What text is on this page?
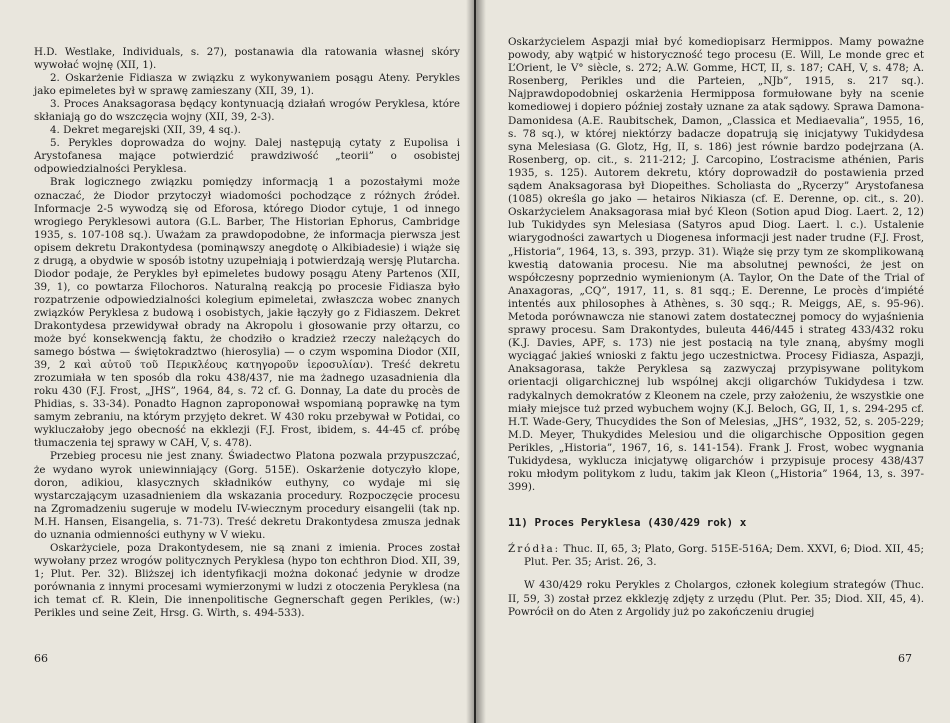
H.D. Westlake, Individuals, s. 27), postanawia dla ratowania własnej skóry wywołać wojnę (XII, 1).

2. Oskarżenie Fidiasza w związku z wykonywaniem posągu Ateny. Perykles jako epimeletes był w sprawę zamieszany (XII, 39, 1).

3. Proces Anaksagorasa będący kontynuacją działań wrogów Peryklesa, które skłaniają go do wszczęcia wojny (XII, 39, 2-3).

4. Dekret megarejski (XII, 39, 4 sq.).

5. Perykles doprowadza do wojny. Dalej następują cytaty z Eupolisa i Arystofanesa mające potwierdzić prawdziwość „teorii” o osobistej odpowiedzialności Peryklesa.

Brak logicznego związku pomiędzy informacją 1 a pozostałymi może oznaczać, że Diodor przytoczył wiadomości pochodzące z różnych źródeł. Informacje 2-5 wywodzą się od Eforosa, którego Diodor cytuje, 1 od innego wrogiego Peryklesowi autora (G.L. Barber, The Historian Ephorus, Cambridge 1935, s. 107-108 sq.). Uważam za prawdopodobne, że informacja pierwsza jest opisem dekretu Drakontydesa (pominąwszy anegdotę o Alkibiadesie) i wiąże się z drugą, a obydwie w sposób istotny uzupełniają i potwierdzają wersję Plutarcha. Diodor podaje, że Perykles był epimeletes budowy posągu Ateny Partenos (XII, 39, 1), co powtarza Filochoros. Naturalną reakcją po procesie Fidiasza było rozpatrzenie odpowiedzialności kolegium epimeletai, zwłaszcza wobec znanych związków Peryklesa z budową i osobistych, jakie łączyły go z Fidiaszem. Dekret Drakontydesa przewidywał obrady na Akropolu i głosowanie przy ołtarzu, co może być konsekwencją faktu, że chodziło o kradzież rzeczy należących do samego bóstwa — świętokradztwo (hierosylia) — o czym wspomina Diodor (XII, 39, 2 καὶ αὐτοῦ τοῦ Περικλέους κατηγοροῦν ἱεροσυλίαν). Treść dekretu zrozumiała w ten sposób dla roku 438/437, nie ma żadnego uzasadnienia dla roku 430 (F.J. Frost, „JHS”, 1964, 84, s. 72 cf. G. Donnay, La date du procès de Phidias, s. 33-34). Ponadto Hagnon zaproponował wspomianą poprawkę na tym samym zebraniu, na którym przyjęto dekret. W 430 roku przebywał w Potidai, co wykluczałoby jego obecność na ekklezji (F.J. Frost, ibidem, s. 44-45 cf. próbę tłumaczenia tej sprawy w CAH, V, s. 478).

Przebieg procesu nie jest znany. Świadectwo Platona pozwala przypuszczać, że wydano wyrok uniewinniający (Gorg. 515E). Oskarżenie dotyczyło klope, doron, adikiou, klasycznych składników euthyny, co wydaje mi się wystarczającym uzasadnieniem dla wskazania procedury. Rozpoczęcie procesu na Zgromadzeniu sugeruje w modelu IV-wiecznym procedury eisangelii (tak np. M.H. Hansen, Eisangelia, s. 71-73). Treść dekretu Drakontydesa zmusza jednak do uznania odmienności euthyny w V wieku.

Oskarżyciele, poza Drakontydesem, nie są znani z imienia. Proces został wywołany przez wrogów politycznych Peryklesa (hypo ton echthron Diod. XII, 39, 1; Plut. Per. 32). Bliższej ich identyfikacji można dokonać jedynie w drodze porównania z innymi procesami wymierzonymi w ludzi z otoczenia Peryklesa (na ich temat cf. R. Klein, Die innenpolitische Gegnerschaft gegen Perikles, (w:) Perikles und seine Zeit, Hrsg. G. Wirth, s. 494-533).

66

Oskarżycielem Aspazji miał być komediopisarz Hermippos. Mamy poważne powody, aby wątpić w historyczność tego procesu (E. Will, Le monde grec et L’Orient, le V° siècle, s. 272; A.W. Gomme, HCT, II, s. 187; CAH, V, s. 478; A. Rosenberg, Perikles und die Parteien, „NJb”, 1915, s. 217 sq.). Najprawdopodobniej oskarżenia Hermipposa formułowane były na scenie komediowej i dopiero później zostały uznane za atak sądowy. Sprawa Damona-Damonidesa (A.E. Raubitschek, Damon, „Classica et Mediaevalia”, 1955, 16, s. 78 sq.), w której niektórzy badacze dopatrują się inicjatywy Tukidydesa syna Melesiasa (G. Glotz, Hg, II, s. 186) jest równie bardzo podejrzana (A. Rosenberg, op. cit., s. 211-212; J. Carcopino, L’ostracisme athénien, Paris 1935, s. 125). Autorem dekretu, który doprowadził do postawienia przed sądem Anaksagorasa był Diopeithes. Scholiasta do „Rycerzy” Arystofanesa (1085) określa go jako — hetairos Nikiasza (cf. E. Derenne, op. cit., s. 20). Oskarżycielem Anaksagorasa miał być Kleon (Sotion apud Diog. Laert. 2, 12) lub Tukidydes syn Melesiasa (Satyros apud Diog. Laert. l. c.). Ustalenie wiarygodności zawartych u Diogenesa informacji jest nader trudne (F.J. Frost, „Historia”, 1964, 13, s. 393, przyp. 31). Wiąże się przy tym ze skomplikowaną kwestią datowania procesu. Nie ma absolutnej pewności, że jest on współczesny poprzednio wymienionym (A. Taylor, On the Date of the Trial of Anaxagoras, „CQ”, 1917, 11, s. 81 sqq.; E. Derenne, Le procès d’impiété intentés aux philosophes à Athènes, s. 30 sqq.; R. Meiggs, AE, s. 95-96). Metoda porównawcza nie stanowi zatem dostatecznej pomocy do wyjaśnienia sprawy procesu. Sam Drakontydes, buleuta 446/445 i strateg 433/432 roku (K.J. Davies, APF, s. 173) nie jest postacią na tyle znaną, abyśmy mogli wyciągać jakieś wnioski z faktu jego uczestnictwa. Procesy Fidiasza, Aspazji, Anaksagorasa, także Peryklesa są zazwyczaj przypisywane politykom orientacji oligarchicznej lub wspólnej akcji oligarchów Tukidydesa i tzw. radykalnych demokratów z Kleonem na czele, przy założeniu, że wszystkie one miały miejsce tuż przed wybuchem wojny (K.J. Beloch, GG, II, 1, s. 294-295 cf. H.T. Wade-Gery, Thucydides the Son of Melesias, „JHS”, 1932, 52, s. 205-229; M.D. Meyer, Thukydides Melesiou und die oligarchische Opposition gegen Perikles, „Historia”, 1967, 16, s. 141-154). Frank J. Frost, wobec wygnania Tukidydesa, wyklucza inicjatywę oligarchów i przypisuje procesy 438/437 roku młodym politykom z ludu, takim jak Kleon („Historia” 1964, 13, s. 397-399).

11) Proces Peryklesa (430/429 rok) x

Źródła: Thuc. II, 65, 3; Plato, Gorg. 515E-516A; Dem. XXVI, 6; Diod. XII, 45; Plut. Per. 35; Arist. 26, 3.

W 430/429 roku Perykles z Cholargos, członek kolegium strategów (Thuc. II, 59, 3) został przez ekklezję zdjęty z urzędu (Plut. Per. 35; Diod. XII, 45, 4). Powrócił on do Aten z Argolidy już po zakończeniu drugiej

67
